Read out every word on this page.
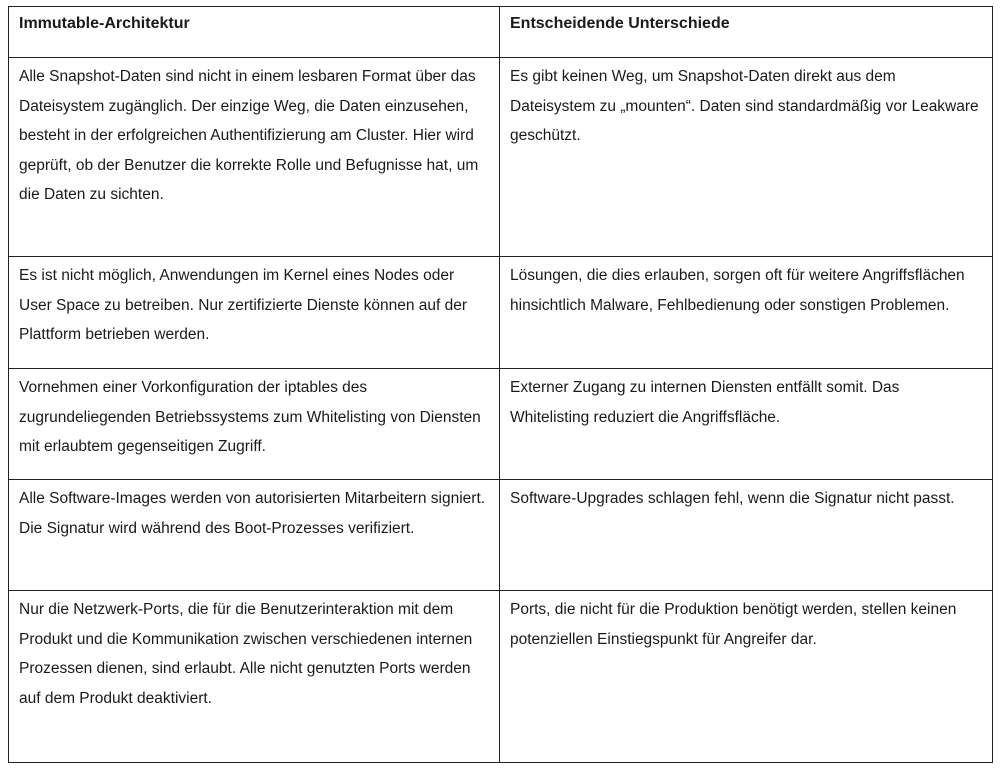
Immutable-Architektur	Entscheidende Unterschiede
Alle Snapshot-Daten sind nicht in einem lesbaren Format über das Dateisystem zugänglich. Der einzige Weg, die Daten einzusehen, besteht in der erfolgreichen Authentifizierung am Cluster. Hier wird geprüft, ob der Benutzer die korrekte Rolle und Befugnisse hat, um die Daten zu sichten.	Es gibt keinen Weg, um Snapshot-Daten direkt aus dem Dateisystem zu „mounten“. Daten sind standardmäßig vor Leakware geschützt.
Es ist nicht möglich, Anwendungen im Kernel eines Nodes oder User Space zu betreiben. Nur zertifizierte Dienste können auf der Plattform betrieben werden.	Lösungen, die dies erlauben, sorgen oft für weitere Angriffsflächen hinsichtlich Malware, Fehlbedienung oder sonstigen Problemen.
Vornehmen einer Vorkonfiguration der iptables des zugrundeliegenden Betriebssystems zum Whitelisting von Diensten mit erlaubtem gegenseitigen Zugriff.	Externer Zugang zu internen Diensten entfällt somit. Das Whitelisting reduziert die Angriffsfläche.
Alle Software-Images werden von autorisierten Mitarbeitern signiert. Die Signatur wird während des Boot-Prozesses verifiziert.	Software-Upgrades schlagen fehl, wenn die Signatur nicht passt.
Nur die Netzwerk-Ports, die für die Benutzerinteraktion mit dem Produkt und die Kommunikation zwischen verschiedenen internen Prozessen dienen, sind erlaubt. Alle nicht genutzten Ports werden auf dem Produkt deaktiviert.	Ports, die nicht für die Produktion benötigt werden, stellen keinen potenziellen Einstiegspunkt für Angreifer dar.
